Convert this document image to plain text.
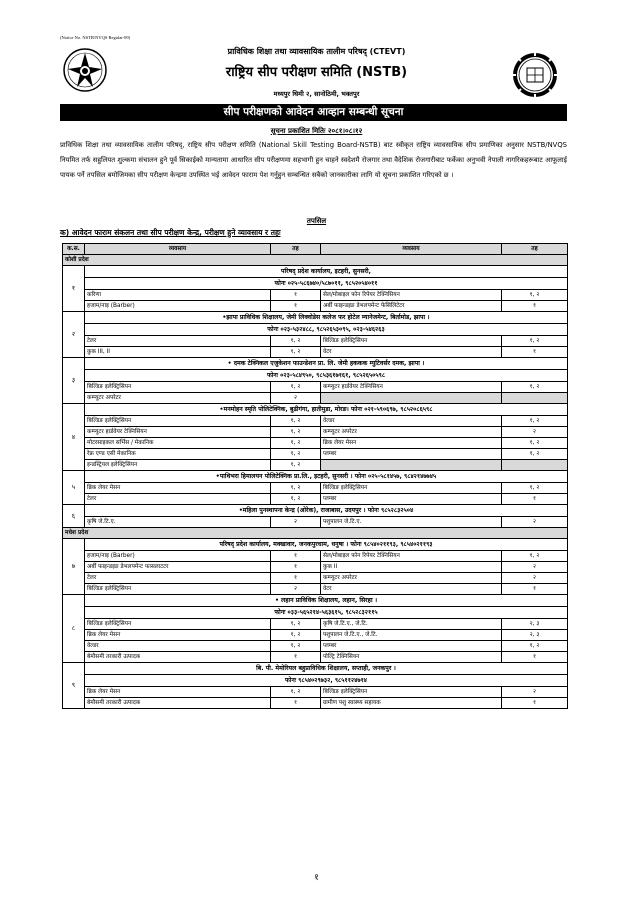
(Notice No. NSTB/NVQS Regular-09)
प्राविधिक शिक्षा तथा व्यावसायिक तालीम परिषद् (CTEVT)
राष्ट्रिय सीप परीक्षण समिति (NSTB)
मध्यपुर थिमी २, सानोठिमी, भक्तपुर
सीप परीक्षणको आवेदन आव्हान सम्बन्धी सूचना
सूचना प्रकाशित मितिः २०८१।०८।१२
प्राविधिक शिक्षा तथा व्यावसायिक तालीम परिषद्, राष्ट्रिय सीप परीक्षण समिति (National Skill Testing Board-NSTB) बाट स्वीकृत राष्ट्रिय व्यावसायिक सीप प्रमाणिका अनुसार NSTB/NVQS नियमित तर्फ सहुलियत शुल्कमा संचालन हुने पूर्व सिकाईको मान्यतामा आधारित सीप परीक्षणमा सहभागी हुन चाहने स्वदेशमै रोजगार तथा वैदेशिक रोजगारीबाट फर्केका अनुभवी नेपाली नागरिकहरूबाट आफूलाई पायक पर्ने तपसिल बमोजिमका सीप परीक्षण केन्द्रमा उपस्थित भई आवेदन फाराम पेश गर्नुहुन सम्बन्धित सबैको जानकारीका लागि यो सूचना प्रकाशित गरिएको छ ।
तपसिल
क) आवेदन फाराम संकलन तथा सीप परीक्षण केन्द्र, परीक्षण हुने व्यावसाय र तहः
क.स.	व्यवसाय	तह	व्यवसाय	तह
कोशी प्रदेश				
१	परिषद् प्रदेश कार्यालय, इटहरी, सुनसरी,			
	फोनः ०२५-५८६७४०/५८७०११, ९८५२०५४०११			
	करिणा	१	सेल/मोबाइल फोन रिपेयर टेक्निसियन	१, २
	हजाम/नाइ (Barber)	१	अर्बी फाइन्डइङ डेभलपमेन्ट फेसिलिटेटर	१
२	•झापा प्राविधिक शिक्षालय, जेमी लिक्वोडेस कलेज फर होटेल म्यानेजमेन्ट, बिर्तामोड, झापा ।			
	फोनः ०२३-५३२४८८, ९८५२६५३०९५, ०२३-५४६२६३			
	टेलर	१, २	बिल्डिङ इलेक्ट्रिसियन	१, २
	कुक III, II	१, २	वेटर	१
३	• दमक टेक्निकल एजुकेशन फाउन्डेशन प्रा. लि. जेमी हककक म्युटिवर्सर दमक, झापा ।			
	फोनः ०२३-५८४९५०, ९८५३६१७१६१, ९८५२६५०५९८			
	बिल्डिङ इलेक्ट्रिसियन	१, २	कम्प्युटर हार्डवेयर टेक्निसियन	१, २
	कम्प्युटर अपरेटर	२		
४	•मनमोहन स्मृति पोलिटेक्निक, बुढीगंगा, हातीमुडा, मोरङ। फोनः ०२१-५९०६९७, ९८५२०८६५९८			
	बिल्डिङ इलेक्ट्रिसियन	१, २	वेल्डर	१, २
	कम्प्युटर हार्डवेयर टेक्निसियन	१, २	कम्प्युटर अपरेटर	२
	मोटरसाइकल सर्भिस / मेकानिक	१, २	ब्रिक लेयर मेसन	१, २
	रेफ्र एण्ड एसी मेकानिक	१, २	प्लम्बर	१, २
	इन्डस्ट्रियल इलेक्ट्रिसियन	१, २		
५	•पाथिभरा हिमालयन पोलिटेक्निक प्रा.लि., इटहरी, सुनसरी । फोनः ०२५-५८१४५७, ९८४२१४७७४५			
	ब्रिक लेयर मेसन	१, २	बिल्डिङ इलेक्ट्रिसियन	१, २
	टेलर	१, २	प्लम्बर	१
६	•महिला पुनस्थापना केन्द्र (ओरेक), राजाबास, उदयपुर । फोनः ९८५२८३२५०४			
	कृषि जे.टि.ए.	२	पशुपालन जे.टि.ए.	२
मधेश प्रदेश				
७	परिषद् प्रदेश कार्यालय, मक्खावार, जनकपुरधाम, धनुषा । फोनः ९८५४०२११९३, ९८५४०२११९३			
	हजाम/नाइ (Barber)	१	सेल/मोबाइल फोन रिपेयर टेक्निसियन	१, २
	अर्बी फाइन्डइङ डेभलपमेन्ट फासलाटटर	१	कुक II	२
	टेलर	१	कम्प्युटर अपरेटर	२
	बिल्डिङ इलेक्ट्रिसियन	२	वेटर	१
८	• लहान प्राविधिक शिक्षालय, लहान, सिरहा ।			
	फोनः ०३३-५६५२१४-५६३६१५, ९८५२८३२११५			
	बिल्डिङ इलेक्ट्रिसियन	१, २	कृषि जे.टि.ए., जे.टि.	२, ३
	ब्रिक लेयर मेसन	१, २	पशुपालन जे.टि.ए., जे.टि.	२, ३
	वेल्डर	१, २	प्लम्बर	१, २
	बेमौसमी तरकारी उत्पादक	१	पोल्ट्रि टेक्निसियन	१
९	बि. पी. मेमोरियल बहुप्राविधिक शिक्षालय, सप्ताही, जनकपुर ।			
	फोनः ९८५४०२९७३२, ९८५११२४७१४			
	ब्रिक लेयर मेसन	१, २	बिल्डिङ इलेक्ट्रिसियन	२
	बेमौसमी तरकारी उत्पादक	१	ग्रामीण पशु स्वास्थ्य सहायक	१
१
